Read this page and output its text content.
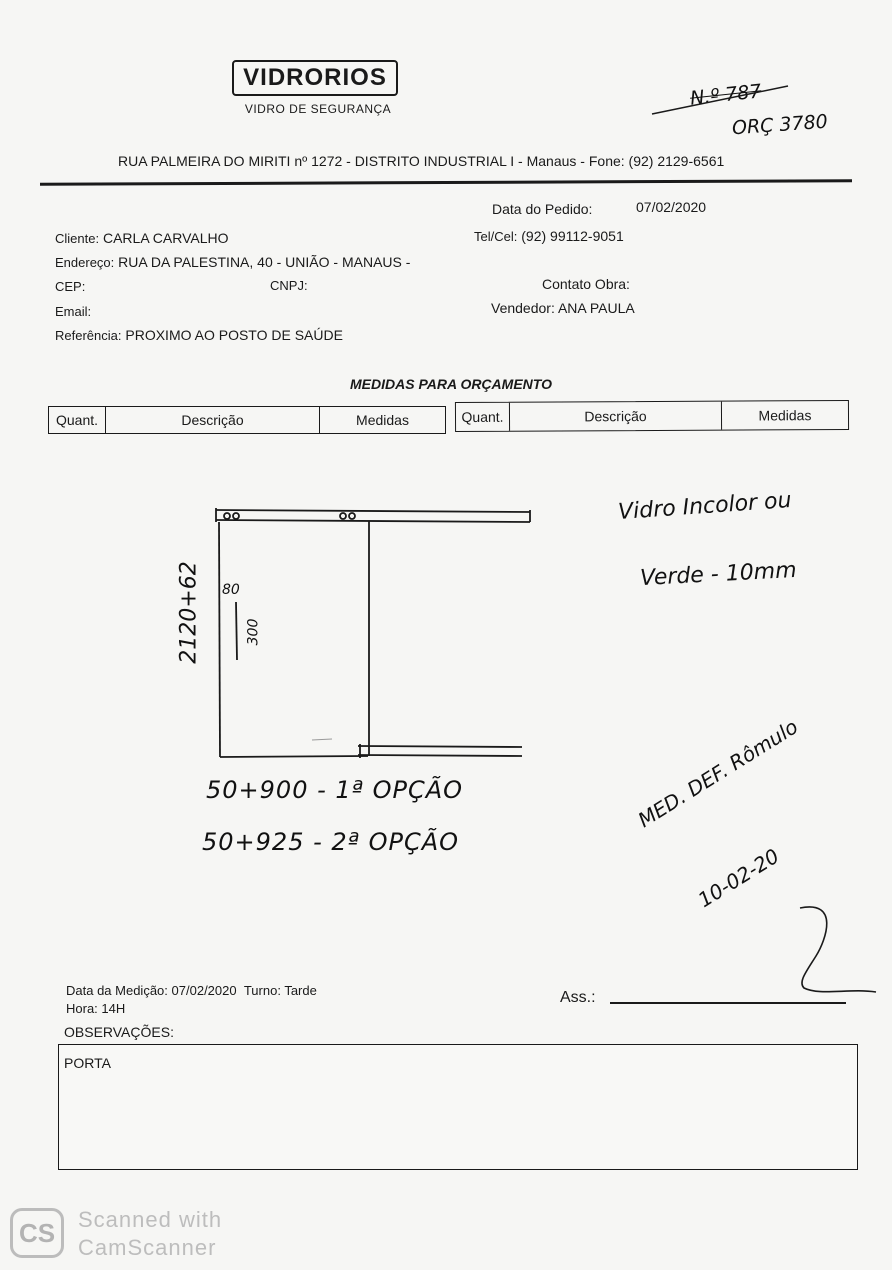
VIDRORIOS
VIDRO DE SEGURANÇA	N.º 787
ORÇ 3780
RUA PALMEIRA DO MIRITI nº 1272 - DISTRITO INDUSTRIAL I - Manaus - Fone: (92) 2129-6561
Data do Pedido:	07/02/2020
Cliente: CARLA CARVALHO	Tel/Cel: (92) 99112-9051
Endereço: RUA DA PALESTINA, 40 - UNIÃO - MANAUS -
CEP:	CNPJ:	Contato Obra:
Email:	Vendedor: ANA PAULA
Referência: PROXIMO AO POSTO DE SAÚDE
MEDIDAS PARA ORÇAMENTO
Quant.	Descrição	Medidas	Quant.	Descrição	Medidas
2120+62 80
300
50+900 - 1ª OPÇÃO
50+925 - 2ª OPÇÃO
Vidro Incolor ou
Verde - 10mm
MED. DEF. Rômulo
10-02-20
Data da Medição: 07/02/2020 Turno: Tarde
Hora: 14H
Ass.:
OBSERVAÇÕES:
PORTA
CS Scanned with
CamScanner
